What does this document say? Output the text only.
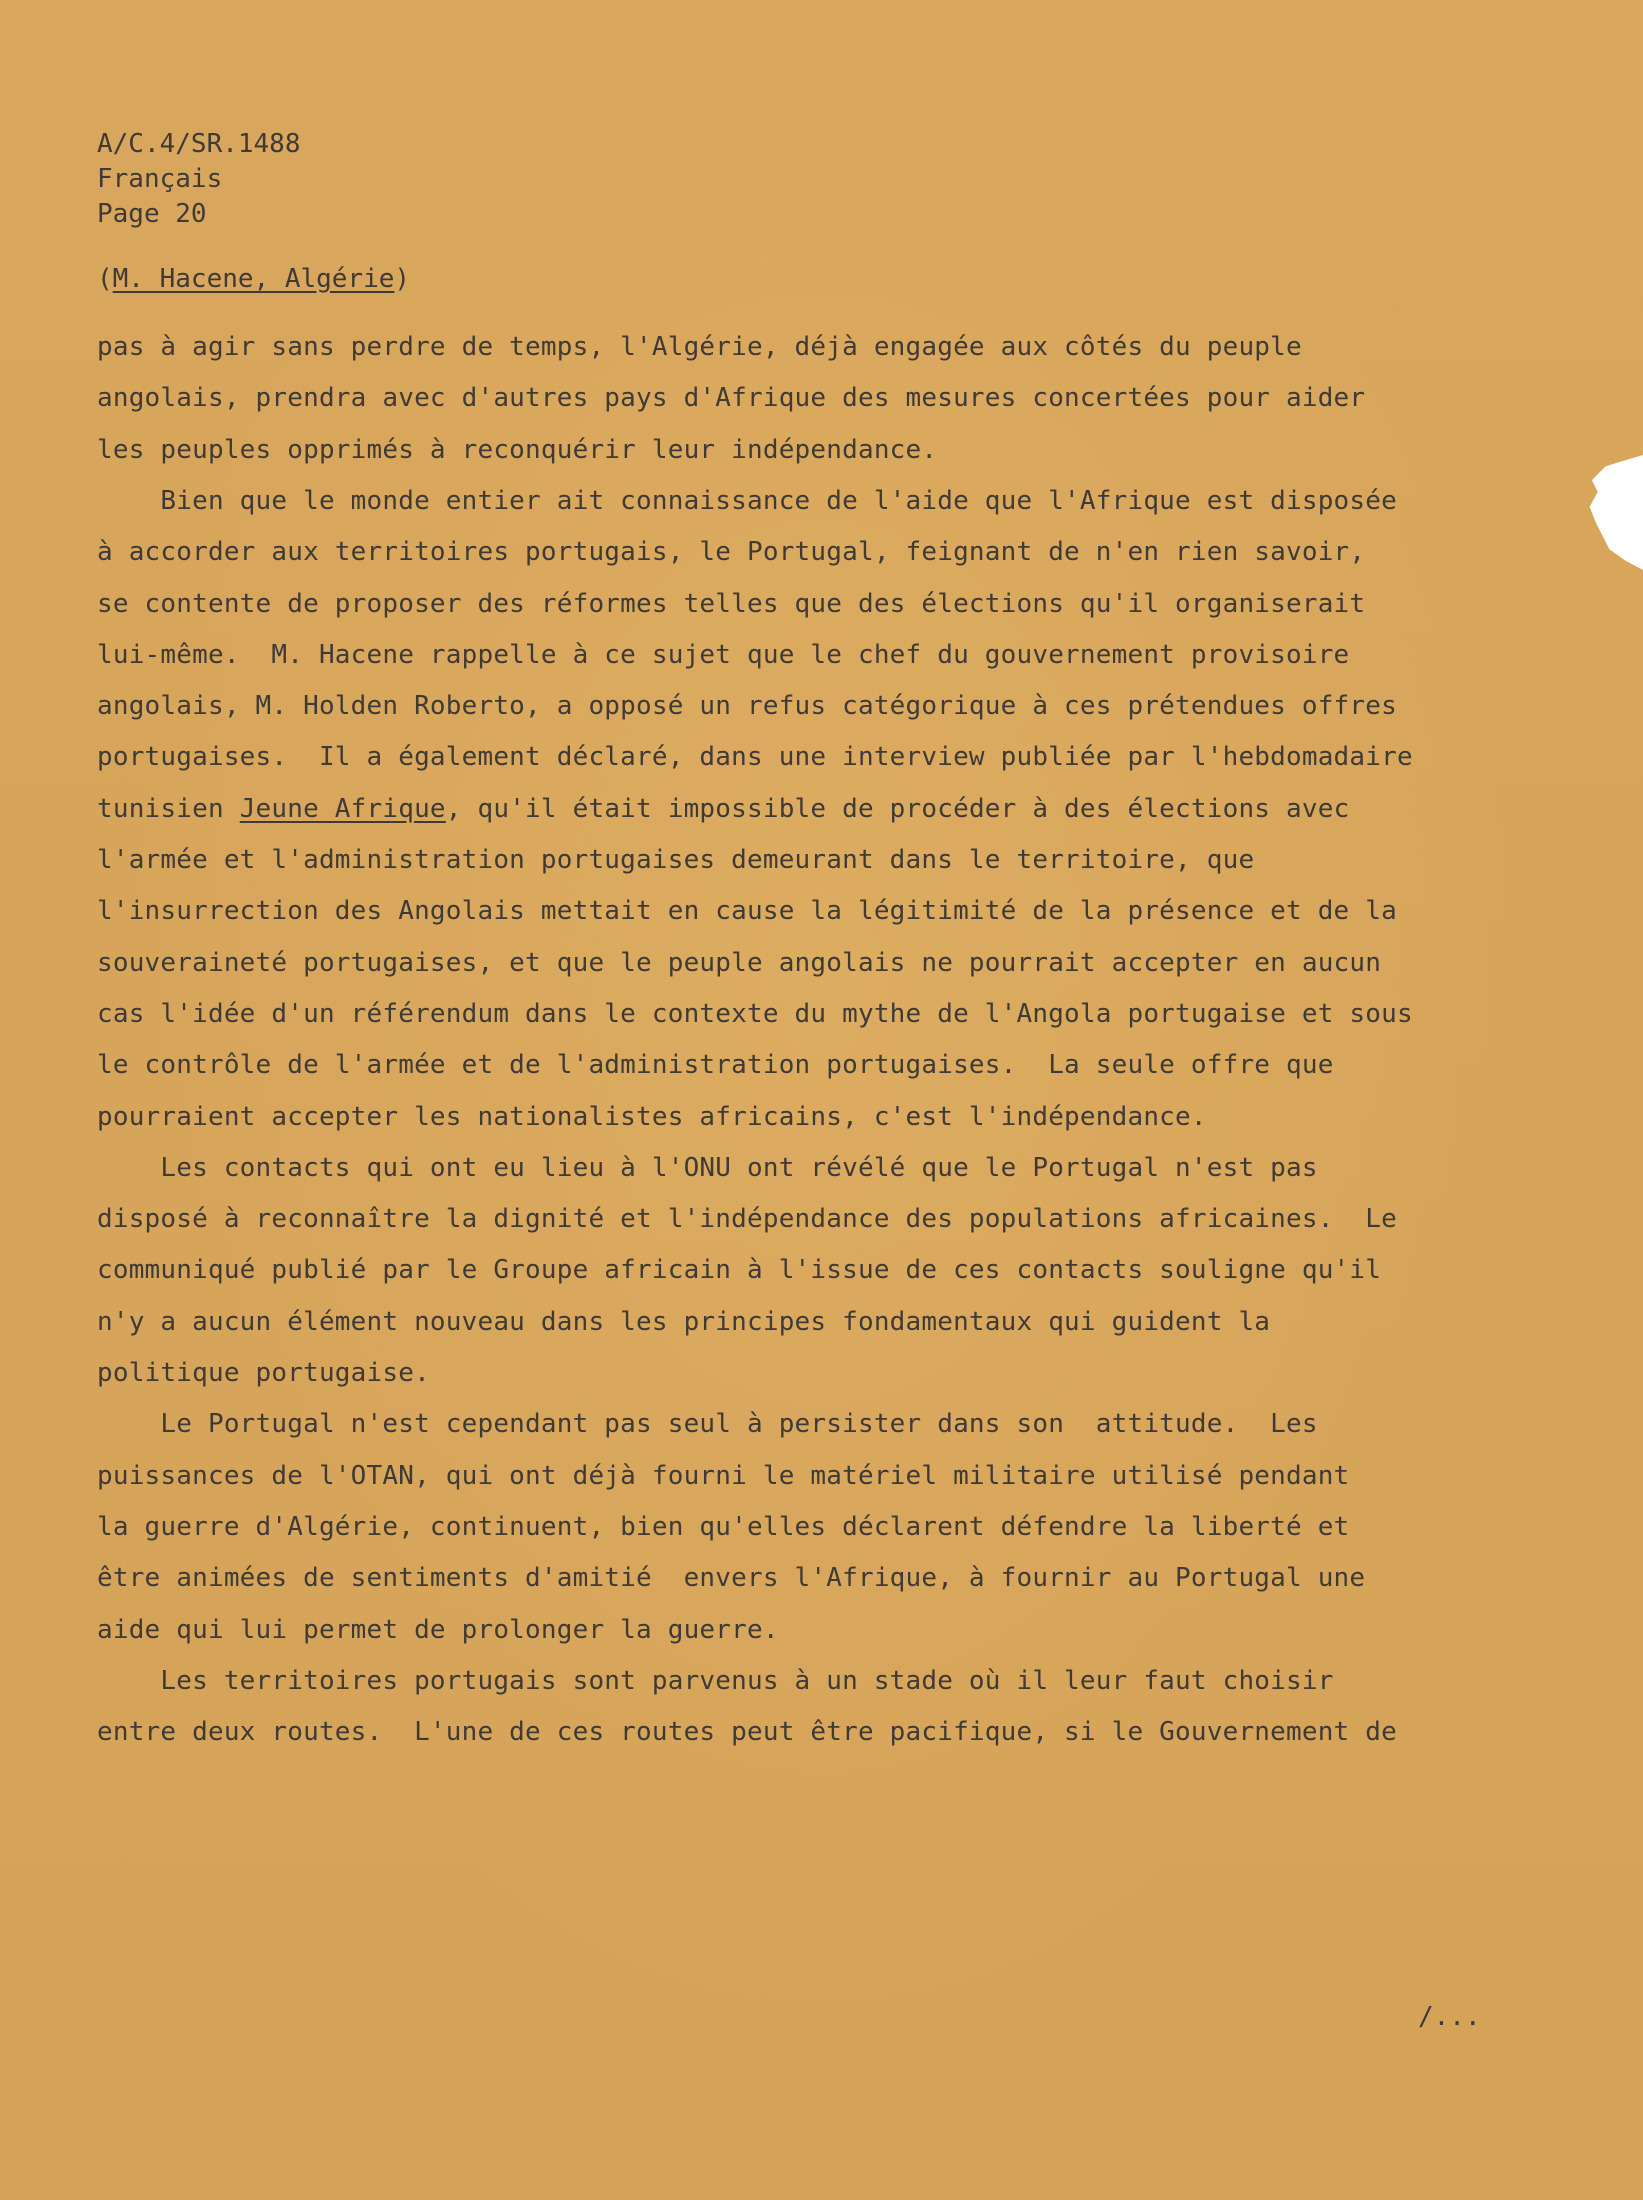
A/C.4/SR.1488
Français
Page 20
(M. Hacene, Algérie)
pas à agir sans perdre de temps, l'Algérie, déjà engagée aux côtés du peuple
angolais, prendra avec d'autres pays d'Afrique des mesures concertées pour aider
les peuples opprimés à reconquérir leur indépendance.
Bien que le monde entier ait connaissance de l'aide que l'Afrique est disposée
à accorder aux territoires portugais, le Portugal, feignant de n'en rien savoir,
se contente de proposer des réformes telles que des élections qu'il organiserait
lui-même.  M. Hacene rappelle à ce sujet que le chef du gouvernement provisoire
angolais, M. Holden Roberto, a opposé un refus catégorique à ces prétendues offres
portugaises.  Il a également déclaré, dans une interview publiée par l'hebdomadaire
tunisien Jeune Afrique, qu'il était impossible de procéder à des élections avec
l'armée et l'administration portugaises demeurant dans le territoire, que
l'insurrection des Angolais mettait en cause la légitimité de la présence et de la
souveraineté portugaises, et que le peuple angolais ne pourrait accepter en aucun
cas l'idée d'un référendum dans le contexte du mythe de l'Angola portugaise et sous
le contrôle de l'armée et de l'administration portugaises.  La seule offre que
pourraient accepter les nationalistes africains, c'est l'indépendance.
Les contacts qui ont eu lieu à l'ONU ont révélé que le Portugal n'est pas
disposé à reconnaître la dignité et l'indépendance des populations africaines.  Le
communiqué publié par le Groupe africain à l'issue de ces contacts souligne qu'il
n'y a aucun élément nouveau dans les principes fondamentaux qui guident la
politique portugaise.
Le Portugal n'est cependant pas seul à persister dans son  attitude.  Les
puissances de l'OTAN, qui ont déjà fourni le matériel militaire utilisé pendant
la guerre d'Algérie, continuent, bien qu'elles déclarent défendre la liberté et
être animées de sentiments d'amitié  envers l'Afrique, à fournir au Portugal une
aide qui lui permet de prolonger la guerre.
Les territoires portugais sont parvenus à un stade où il leur faut choisir
entre deux routes.  L'une de ces routes peut être pacifique, si le Gouvernement de
/...
